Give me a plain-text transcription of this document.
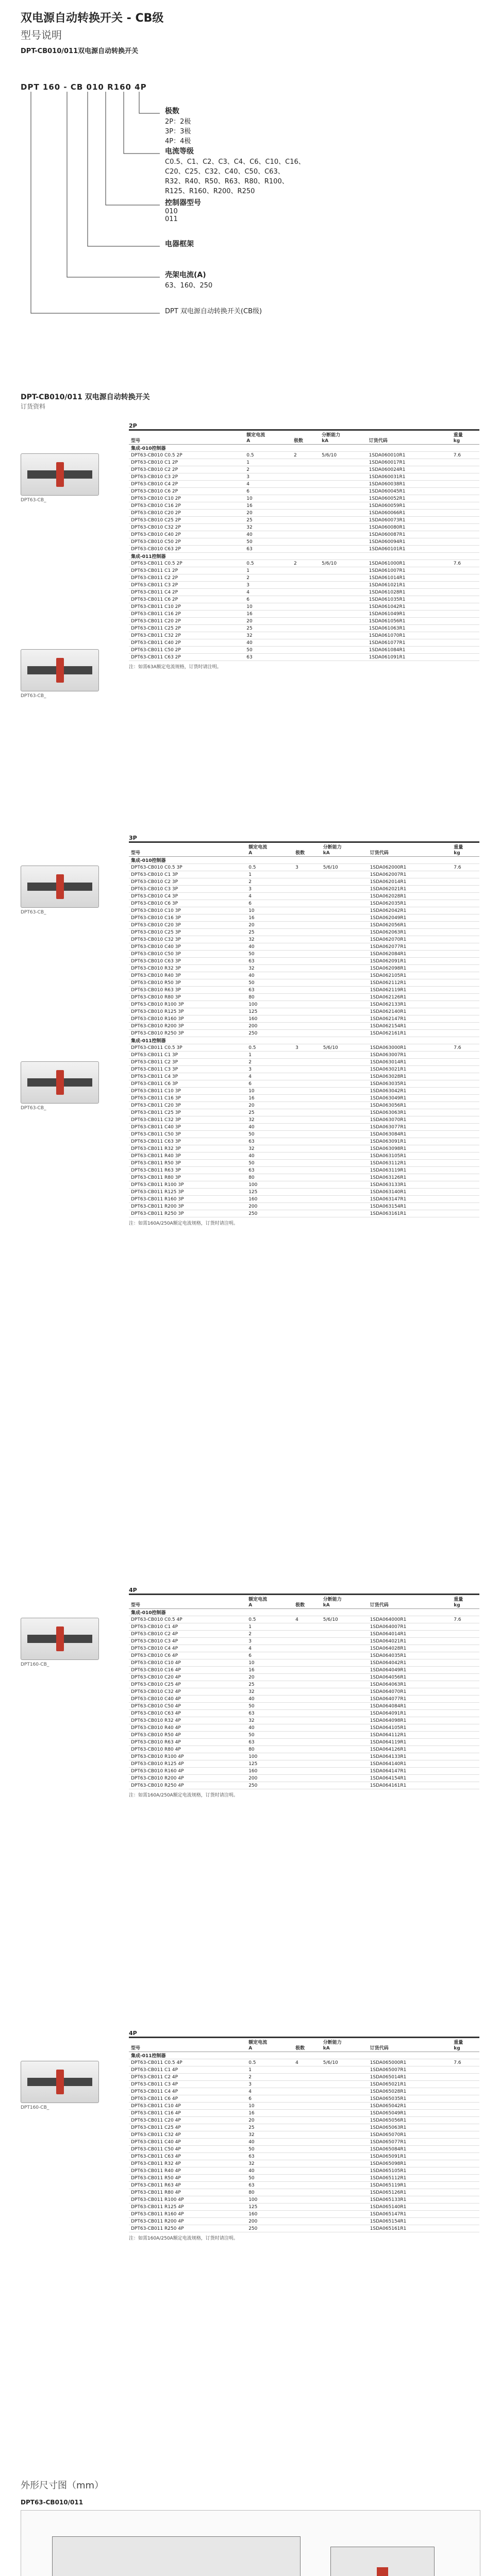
双电源自动转换开关 - CB级
型号说明
DPT-CB010/011双电源自动转换开关
DPT 160 - CB 010 R160 4P
极数
2P：2极
3P：3极
4P：4极
电流等级
C0.5、C1、C2、C3、C4、C6、C10、C16、
C20、C25、C32、C40、C50、C63、
R32、R40、R50、R63、R80、R100、
R125、R160、R200、R250
控制器型号
010
011
电器框架
壳架电流(A)
63、160、250
DPT 双电源自动转换开关(CB级)
DPT-CB010/011 双电源自动转换开关
订货资料
2P
型号	额定电流
A	极数	分断能力
kA	订货代码	重量
kg
集成-010控制器					
DPT63-CB010 C0.5 2P	0.5	2	5/6/10	1SDA060010R1	7.6
DPT63-CB010 C1 2P	1			1SDA060017R1	
DPT63-CB010 C2 2P	2			1SDA060024R1	
DPT63-CB010 C3 2P	3			1SDA060031R1	
DPT63-CB010 C4 2P	4			1SDA060038R1	
DPT63-CB010 C6 2P	6			1SDA060045R1	
DPT63-CB010 C10 2P	10			1SDA060052R1	
DPT63-CB010 C16 2P	16			1SDA060059R1	
DPT63-CB010 C20 2P	20			1SDA060066R1	
DPT63-CB010 C25 2P	25			1SDA060073R1	
DPT63-CB010 C32 2P	32			1SDA060080R1	
DPT63-CB010 C40 2P	40			1SDA060087R1	
DPT63-CB010 C50 2P	50			1SDA060094R1	
DPT63-CB010 C63 2P	63			1SDA060101R1	
集成-011控制器					
DPT63-CB011 C0.5 2P	0.5	2	5/6/10	1SDA061000R1	7.6
DPT63-CB011 C1 2P	1			1SDA061007R1	
DPT63-CB011 C2 2P	2			1SDA061014R1	
DPT63-CB011 C3 2P	3			1SDA061021R1	
DPT63-CB011 C4 2P	4			1SDA061028R1	
DPT63-CB011 C6 2P	6			1SDA061035R1	
DPT63-CB011 C10 2P	10			1SDA061042R1	
DPT63-CB011 C16 2P	16			1SDA061049R1	
DPT63-CB011 C20 2P	20			1SDA061056R1	
DPT63-CB011 C25 2P	25			1SDA061063R1	
DPT63-CB011 C32 2P	32			1SDA061070R1	
DPT63-CB011 C40 2P	40			1SDA061077R1	
DPT63-CB011 C50 2P	50			1SDA061084R1	
DPT63-CB011 C63 2P	63			1SDA061091R1	
注：如需63A额定电流规格，订货时请注明。
DPT63-CB_
DPT63-CB_
3P
型号	额定电流
A	极数	分断能力
kA	订货代码	重量
kg
集成-010控制器					
DPT63-CB010 C0.5 3P	0.5	3	5/6/10	1SDA062000R1	7.6
DPT63-CB010 C1 3P	1			1SDA062007R1	
DPT63-CB010 C2 3P	2			1SDA062014R1	
DPT63-CB010 C3 3P	3			1SDA062021R1	
DPT63-CB010 C4 3P	4			1SDA062028R1	
DPT63-CB010 C6 3P	6			1SDA062035R1	
DPT63-CB010 C10 3P	10			1SDA062042R1	
DPT63-CB010 C16 3P	16			1SDA062049R1	
DPT63-CB010 C20 3P	20			1SDA062056R1	
DPT63-CB010 C25 3P	25			1SDA062063R1	
DPT63-CB010 C32 3P	32			1SDA062070R1	
DPT63-CB010 C40 3P	40			1SDA062077R1	
DPT63-CB010 C50 3P	50			1SDA062084R1	
DPT63-CB010 C63 3P	63			1SDA062091R1	
DPT63-CB010 R32 3P	32			1SDA062098R1	
DPT63-CB010 R40 3P	40			1SDA062105R1	
DPT63-CB010 R50 3P	50			1SDA062112R1	
DPT63-CB010 R63 3P	63			1SDA062119R1	
DPT63-CB010 R80 3P	80			1SDA062126R1	
DPT63-CB010 R100 3P	100			1SDA062133R1	
DPT63-CB010 R125 3P	125			1SDA062140R1	
DPT63-CB010 R160 3P	160			1SDA062147R1	
DPT63-CB010 R200 3P	200			1SDA062154R1	
DPT63-CB010 R250 3P	250			1SDA062161R1	
集成-011控制器					
DPT63-CB011 C0.5 3P	0.5	3	5/6/10	1SDA063000R1	7.6
DPT63-CB011 C1 3P	1			1SDA063007R1	
DPT63-CB011 C2 3P	2			1SDA063014R1	
DPT63-CB011 C3 3P	3			1SDA063021R1	
DPT63-CB011 C4 3P	4			1SDA063028R1	
DPT63-CB011 C6 3P	6			1SDA063035R1	
DPT63-CB011 C10 3P	10			1SDA063042R1	
DPT63-CB011 C16 3P	16			1SDA063049R1	
DPT63-CB011 C20 3P	20			1SDA063056R1	
DPT63-CB011 C25 3P	25			1SDA063063R1	
DPT63-CB011 C32 3P	32			1SDA063070R1	
DPT63-CB011 C40 3P	40			1SDA063077R1	
DPT63-CB011 C50 3P	50			1SDA063084R1	
DPT63-CB011 C63 3P	63			1SDA063091R1	
DPT63-CB011 R32 3P	32			1SDA063098R1	
DPT63-CB011 R40 3P	40			1SDA063105R1	
DPT63-CB011 R50 3P	50			1SDA063112R1	
DPT63-CB011 R63 3P	63			1SDA063119R1	
DPT63-CB011 R80 3P	80			1SDA063126R1	
DPT63-CB011 R100 3P	100			1SDA063133R1	
DPT63-CB011 R125 3P	125			1SDA063140R1	
DPT63-CB011 R160 3P	160			1SDA063147R1	
DPT63-CB011 R200 3P	200			1SDA063154R1	
DPT63-CB011 R250 3P	250			1SDA063161R1	
注：如需160A/250A额定电流规格，订货时请注明。
DPT63-CB_
DPT63-CB_
4P
型号	额定电流
A	极数	分断能力
kA	订货代码	重量
kg
集成-010控制器					
DPT63-CB010 C0.5 4P	0.5	4	5/6/10	1SDA064000R1	7.6
DPT63-CB010 C1 4P	1			1SDA064007R1	
DPT63-CB010 C2 4P	2			1SDA064014R1	
DPT63-CB010 C3 4P	3			1SDA064021R1	
DPT63-CB010 C4 4P	4			1SDA064028R1	
DPT63-CB010 C6 4P	6			1SDA064035R1	
DPT63-CB010 C10 4P	10			1SDA064042R1	
DPT63-CB010 C16 4P	16			1SDA064049R1	
DPT63-CB010 C20 4P	20			1SDA064056R1	
DPT63-CB010 C25 4P	25			1SDA064063R1	
DPT63-CB010 C32 4P	32			1SDA064070R1	
DPT63-CB010 C40 4P	40			1SDA064077R1	
DPT63-CB010 C50 4P	50			1SDA064084R1	
DPT63-CB010 C63 4P	63			1SDA064091R1	
DPT63-CB010 R32 4P	32			1SDA064098R1	
DPT63-CB010 R40 4P	40			1SDA064105R1	
DPT63-CB010 R50 4P	50			1SDA064112R1	
DPT63-CB010 R63 4P	63			1SDA064119R1	
DPT63-CB010 R80 4P	80			1SDA064126R1	
DPT63-CB010 R100 4P	100			1SDA064133R1	
DPT63-CB010 R125 4P	125			1SDA064140R1	
DPT63-CB010 R160 4P	160			1SDA064147R1	
DPT63-CB010 R200 4P	200			1SDA064154R1	
DPT63-CB010 R250 4P	250			1SDA064161R1	
注：如需160A/250A额定电流规格，订货时请注明。
DPT160-CB_
4P
型号	额定电流
A	极数	分断能力
kA	订货代码	重量
kg
集成-011控制器					
DPT63-CB011 C0.5 4P	0.5	4	5/6/10	1SDA065000R1	7.6
DPT63-CB011 C1 4P	1			1SDA065007R1	
DPT63-CB011 C2 4P	2			1SDA065014R1	
DPT63-CB011 C3 4P	3			1SDA065021R1	
DPT63-CB011 C4 4P	4			1SDA065028R1	
DPT63-CB011 C6 4P	6			1SDA065035R1	
DPT63-CB011 C10 4P	10			1SDA065042R1	
DPT63-CB011 C16 4P	16			1SDA065049R1	
DPT63-CB011 C20 4P	20			1SDA065056R1	
DPT63-CB011 C25 4P	25			1SDA065063R1	
DPT63-CB011 C32 4P	32			1SDA065070R1	
DPT63-CB011 C40 4P	40			1SDA065077R1	
DPT63-CB011 C50 4P	50			1SDA065084R1	
DPT63-CB011 C63 4P	63			1SDA065091R1	
DPT63-CB011 R32 4P	32			1SDA065098R1	
DPT63-CB011 R40 4P	40			1SDA065105R1	
DPT63-CB011 R50 4P	50			1SDA065112R1	
DPT63-CB011 R63 4P	63			1SDA065119R1	
DPT63-CB011 R80 4P	80			1SDA065126R1	
DPT63-CB011 R100 4P	100			1SDA065133R1	
DPT63-CB011 R125 4P	125			1SDA065140R1	
DPT63-CB011 R160 4P	160			1SDA065147R1	
DPT63-CB011 R200 4P	200			1SDA065154R1	
DPT63-CB011 R250 4P	250			1SDA065161R1	
注：如需160A/250A额定电流规格，订货时请注明。
DPT160-CB_
外形尺寸图（mm）
DPT63-CB010/011
